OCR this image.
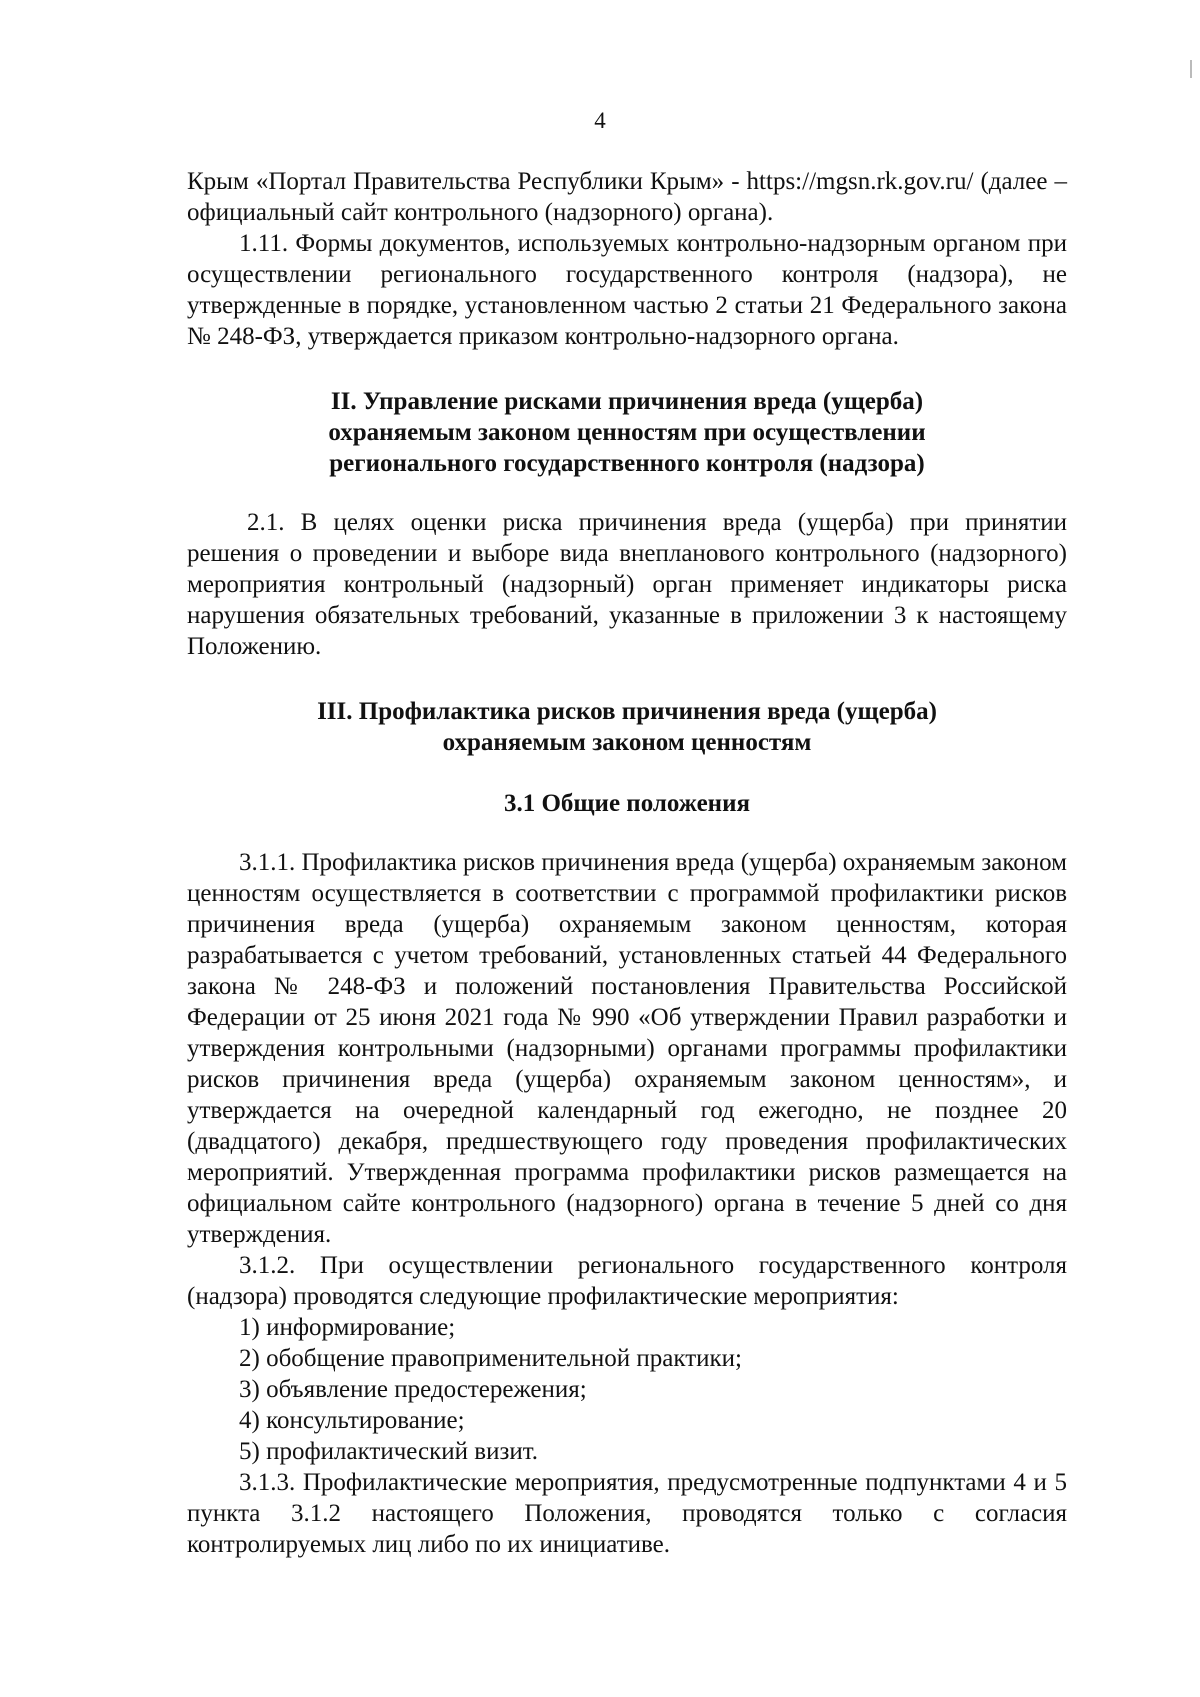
4

Крым «Портал Правительства Республики Крым» - https://mgsn.rk.gov.ru/ (далее – официальный сайт контрольного (надзорного) органа).

1.11. Формы документов, используемых контрольно-надзорным органом при осуществлении регионального государственного контроля (надзора), не утвержденные в порядке, установленном частью 2 статьи 21 Федерального закона № 248-ФЗ, утверждается приказом контрольно-надзорного органа.

II. Управление рисками причинения вреда (ущерба)

охраняемым законом ценностям при осуществлении

регионального государственного контроля (надзора)

2.1. В целях оценки риска причинения вреда (ущерба) при принятии решения о проведении и выборе вида внепланового контрольного (надзорного) мероприятия контрольный (надзорный) орган применяет индикаторы риска нарушения обязательных требований, указанные в приложении 3 к настоящему Положению.

III. Профилактика рисков причинения вреда (ущерба)

охраняемым законом ценностям

3.1 Общие положения

3.1.1. Профилактика рисков причинения вреда (ущерба) охраняемым законом ценностям осуществляется в соответствии с программой профилактики рисков причинения вреда (ущерба) охраняемым законом ценностям, которая разрабатывается с учетом требований, установленных статьей 44 Федерального закона № 248-ФЗ и положений постановления Правительства Российской Федерации от 25 июня 2021 года № 990 «Об утверждении Правил разработки и утверждения контрольными (надзорными) органами программы профилактики рисков причинения вреда (ущерба) охраняемым законом ценностям», и утверждается на очередной календарный год ежегодно, не позднее 20 (двадцатого) декабря, предшествующего году проведения профилактических мероприятий. Утвержденная программа профилактики рисков размещается на официальном сайте контрольного (надзорного) органа в течение 5 дней со дня утверждения.

3.1.2. При осуществлении регионального государственного контроля (надзора) проводятся следующие профилактические мероприятия:

1) информирование;

2) обобщение правоприменительной практики;

3) объявление предостережения;

4) консультирование;

5) профилактический визит.

3.1.3. Профилактические мероприятия, предусмотренные подпунктами 4 и 5 пункта 3.1.2 настоящего Положения, проводятся только с согласия контролируемых лиц либо по их инициативе.
